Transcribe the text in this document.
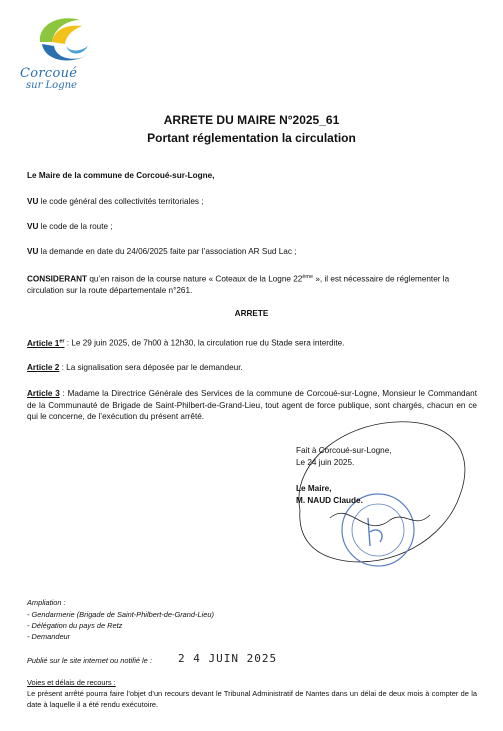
Corcoué
sur Logne
ARRETE DU MAIRE N°2025_61
Portant réglementation la circulation
Le Maire de la commune de Corcoué-sur-Logne,
VU le code général des collectivités territoriales ;
VU le code de la route ;
VU la demande en date du 24/06/2025 faite par l’association AR Sud Lac ;
CONSIDERANT qu’en raison de la course nature « Coteaux de la Logne 22ème », il est nécessaire de réglementer la circulation sur la route départementale n°261.
ARRETE
Article 1er : Le 29 juin 2025, de 7h00 à 12h30, la circulation rue du Stade sera interdite.
Article 2 : La signalisation sera déposée par le demandeur.
Article 3 : Madame la Directrice Générale des Services de la commune de Corcoué-sur-Logne, Monsieur le Commandant de la Communauté de Brigade de Saint-Philbert-de-Grand-Lieu, tout agent de force publique, sont chargés, chacun en ce qui le concerne, de l’exécution du présent arrêté.
Fait à Corcoué-sur-Logne,
Le 24 juin 2025.
Le Maire,
M. NAUD Claude.
Ampliation :
- Gendarmerie (Brigade de Saint-Philbert-de-Grand-Lieu)
- Délégation du pays de Retz
- Demandeur
Publié sur le site internet ou notifié le : 2 4 JUIN 2025
Voies et délais de recours :
Le présent arrêté pourra faire l’objet d’un recours devant le Tribunal Administratif de Nantes dans un délai de deux mois à compter de la date à laquelle il a été rendu exécutoire.
